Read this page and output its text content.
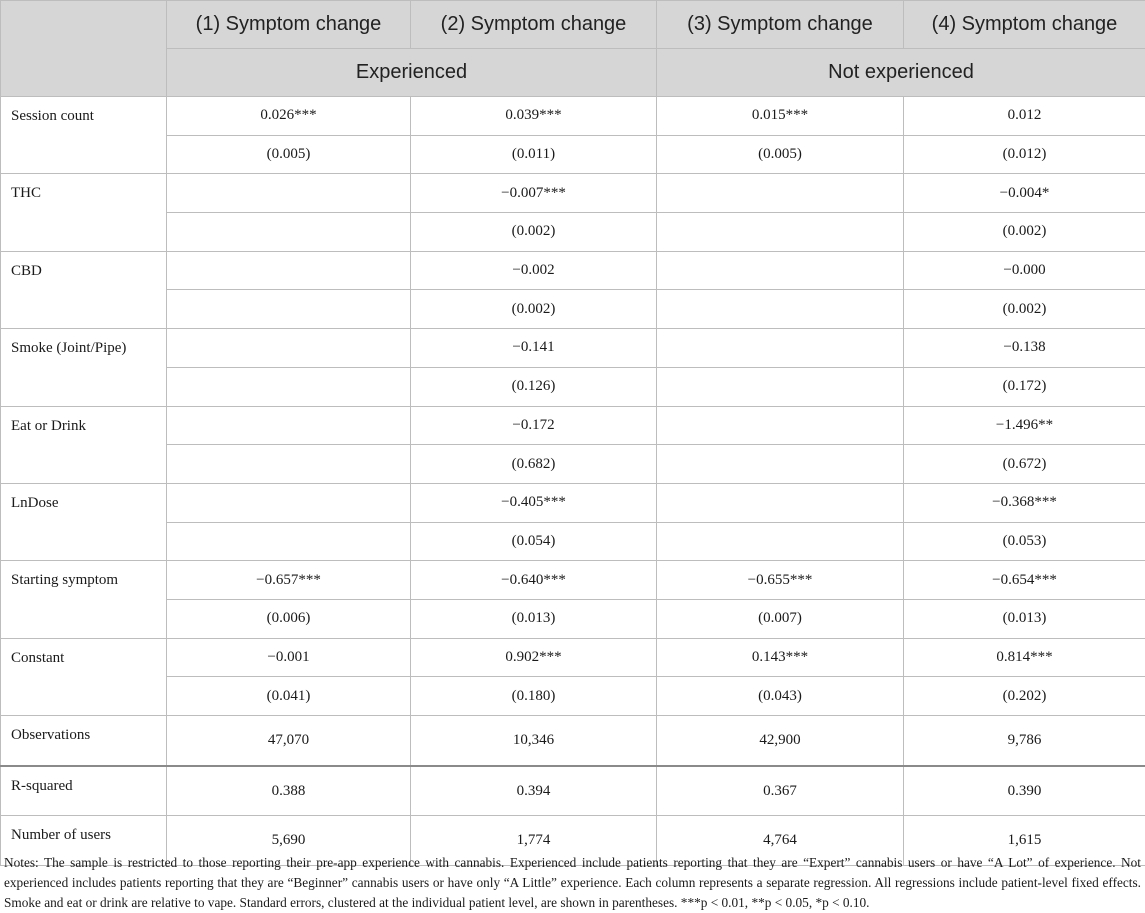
	(1) Symptom change	(2) Symptom change	(3) Symptom change	(4) Symptom change
	Experienced		Not experienced	
Session count	0.026***	0.039***	0.015***	0.012
	(0.005)	(0.011)	(0.005)	(0.012)
THC		−0.007***		−0.004*
		(0.002)		(0.002)
CBD		−0.002		−0.000
		(0.002)		(0.002)
Smoke (Joint/Pipe)		−0.141		−0.138
		(0.126)		(0.172)
Eat or Drink		−0.172		−1.496**
		(0.682)		(0.672)
LnDose		−0.405***		−0.368***
		(0.054)		(0.053)
Starting symptom	−0.657***	−0.640***	−0.655***	−0.654***
	(0.006)	(0.013)	(0.007)	(0.013)
Constant	−0.001	0.902***	0.143***	0.814***
	(0.041)	(0.180)	(0.043)	(0.202)
Observations	47,070	10,346	42,900	9,786
R-squared	0.388	0.394	0.367	0.390
Number of users	5,690	1,774	4,764	1,615
Notes: The sample is restricted to those reporting their pre-app experience with cannabis. Experienced include patients reporting that they are “Expert” cannabis users or have “A Lot” of experience. Not experienced includes patients reporting that they are “Beginner” cannabis users or have only “A Little” experience. Each column represents a separate regression. All regressions include patient-level fixed effects. Smoke and eat or drink are relative to vape. Standard errors, clustered at the individual patient level, are shown in parentheses. ***p < 0.01, **p < 0.05, *p < 0.10.
